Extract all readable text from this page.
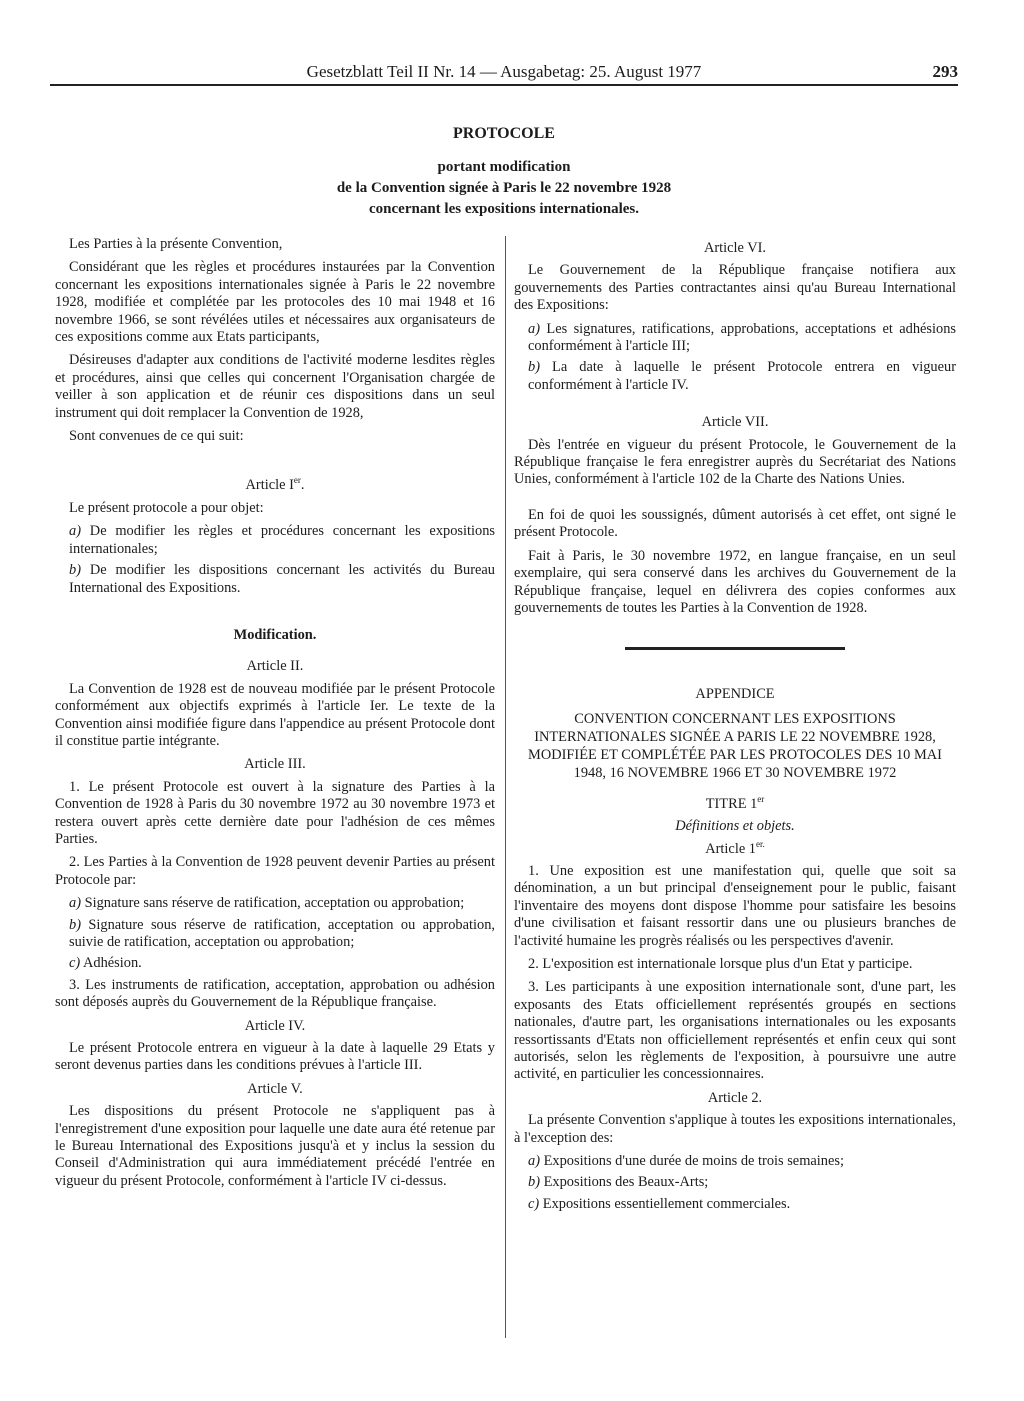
Gesetzblatt Teil II Nr. 14 — Ausgabetag: 25. August 1977	293
PROTOCOLE
portant modification
de la Convention signée à Paris le 22 novembre 1928
concernant les expositions internationales.

Les Parties à la présente Convention,

Considérant que les règles et procédures instaurées par la Convention concernant les expositions internationales signée à Paris le 22 novembre 1928, modifiée et complétée par les protocoles des 10 mai 1948 et 16 novembre 1966, se sont révélées utiles et nécessaires aux organisateurs de ces expositions comme aux Etats participants,

Désireuses d'adapter aux conditions de l'activité moderne lesdites règles et procédures, ainsi que celles qui concernent l'Organisation chargée de veiller à son application et de réunir ces dispositions dans un seul instrument qui doit remplacer la Convention de 1928,

Sont convenues de ce qui suit:

Article Ier.

Le présent protocole a pour objet:

a) De modifier les règles et procédures concernant les expositions internationales;

b) De modifier les dispositions concernant les activités du Bureau International des Expositions.

Modification.
Article II.

La Convention de 1928 est de nouveau modifiée par le présent Protocole conformément aux objectifs exprimés à l'article Ier. Le texte de la Convention ainsi modifiée figure dans l'appendice au présent Protocole dont il constitue partie intégrante.

Article III.

1. Le présent Protocole est ouvert à la signature des Parties à la Convention de 1928 à Paris du 30 novembre 1972 au 30 novembre 1973 et restera ouvert après cette dernière date pour l'adhésion de ces mêmes Parties.

2. Les Parties à la Convention de 1928 peuvent devenir Parties au présent Protocole par:

a) Signature sans réserve de ratification, acceptation ou approbation;

b) Signature sous réserve de ratification, acceptation ou approbation, suivie de ratification, acceptation ou approbation;

c) Adhésion.

3. Les instruments de ratification, acceptation, approbation ou adhésion sont déposés auprès du Gouvernement de la République française.

Article IV.

Le présent Protocole entrera en vigueur à la date à laquelle 29 Etats y seront devenus parties dans les conditions prévues à l'article III.

Article V.

Les dispositions du présent Protocole ne s'appliquent pas à l'enregistrement d'une exposition pour laquelle une date aura été retenue par le Bureau International des Expositions jusqu'à et y inclus la session du Conseil d'Administration qui aura immédiatement précédé l'entrée en vigueur du présent Protocole, conformément à l'article IV ci-dessus.

Article VI.

Le Gouvernement de la République française notifiera aux gouvernements des Parties contractantes ainsi qu'au Bureau International des Expositions:

a) Les signatures, ratifications, approbations, acceptations et adhésions conformément à l'article III;

b) La date à laquelle le présent Protocole entrera en vigueur conformément à l'article IV.

Article VII.

Dès l'entrée en vigueur du présent Protocole, le Gouvernement de la République française le fera enregistrer auprès du Secrétariat des Nations Unies, conformément à l'article 102 de la Charte des Nations Unies.

En foi de quoi les soussignés, dûment autorisés à cet effet, ont signé le présent Protocole.

Fait à Paris, le 30 novembre 1972, en langue française, en un seul exemplaire, qui sera conservé dans les archives du Gouvernement de la République française, lequel en délivrera des copies conformes aux gouvernements de toutes les Parties à la Convention de 1928.

APPENDICE

CONVENTION CONCERNANT LES EXPOSITIONS INTERNATIONALES SIGNÉE A PARIS LE 22 NOVEMBRE 1928, MODIFIÉE ET COMPLÉTÉE PAR LES PROTOCOLES DES 10 MAI 1948, 16 NOVEMBRE 1966 ET 30 NOVEMBRE 1972

TITRE 1er
Définitions et objets.
Article $1^{er.}$

1. Une exposition est une manifestation qui, quelle que soit sa dénomination, a un but principal d'enseignement pour le public, faisant l'inventaire des moyens dont dispose l'homme pour satisfaire les besoins d'une civilisation et faisant ressortir dans une ou plusieurs branches de l'activité humaine les progrès réalisés ou les perspectives d'avenir.

2. L'exposition est internationale lorsque plus d'un Etat y participe.

3. Les participants à une exposition internationale sont, d'une part, les exposants des Etats officiellement représentés groupés en sections nationales, d'autre part, les organisations internationales ou les exposants ressortissants d'Etats non officiellement représentés et enfin ceux qui sont autorisés, selon les règlements de l'exposition, à poursuivre une autre activité, en particulier les concessionnaires.

Article 2.

La présente Convention s'applique à toutes les expositions internationales, à l'exception des:

a) Expositions d'une durée de moins de trois semaines;

b) Expositions des Beaux-Arts;

c) Expositions essentiellement commerciales.
